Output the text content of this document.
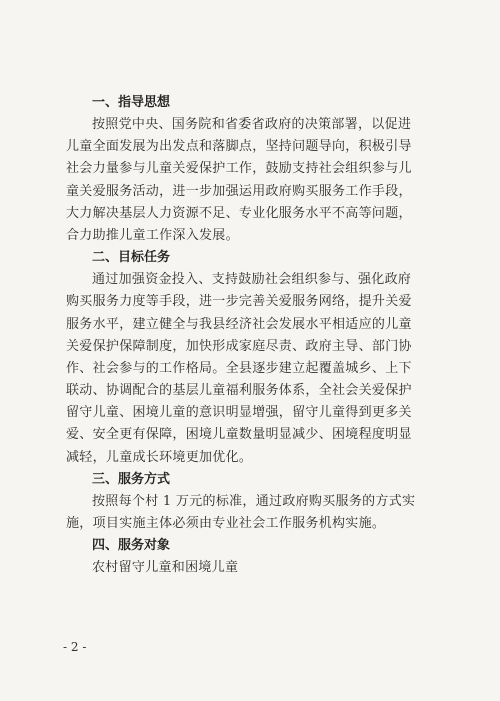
一、指导思想
按照党中央、国务院和省委省政府的决策部署，以促进
儿童全面发展为出发点和落脚点，坚持问题导向，积极引导
社会力量参与儿童关爱保护工作，鼓励支持社会组织参与儿
童关爱服务活动，进一步加强运用政府购买服务工作手段，
大力解决基层人力资源不足、专业化服务水平不高等问题，
合力助推儿童工作深入发展。
二、目标任务
通过加强资金投入、支持鼓励社会组织参与、强化政府
购买服务力度等手段，进一步完善关爱服务网络，提升关爱
服务水平，建立健全与我县经济社会发展水平相适应的儿童
关爱保护保障制度，加快形成家庭尽责、政府主导、部门协
作、社会参与的工作格局。全县逐步建立起覆盖城乡、上下
联动、协调配合的基层儿童福利服务体系，全社会关爱保护
留守儿童、困境儿童的意识明显增强，留守儿童得到更多关
爱、安全更有保障，困境儿童数量明显减少、困境程度明显
减轻，儿童成长环境更加优化。
三、服务方式
按照每个村 1 万元的标准，通过政府购买服务的方式实
施，项目实施主体必须由专业社会工作服务机构实施。
四、服务对象
农村留守儿童和困境儿童
- 2 -
